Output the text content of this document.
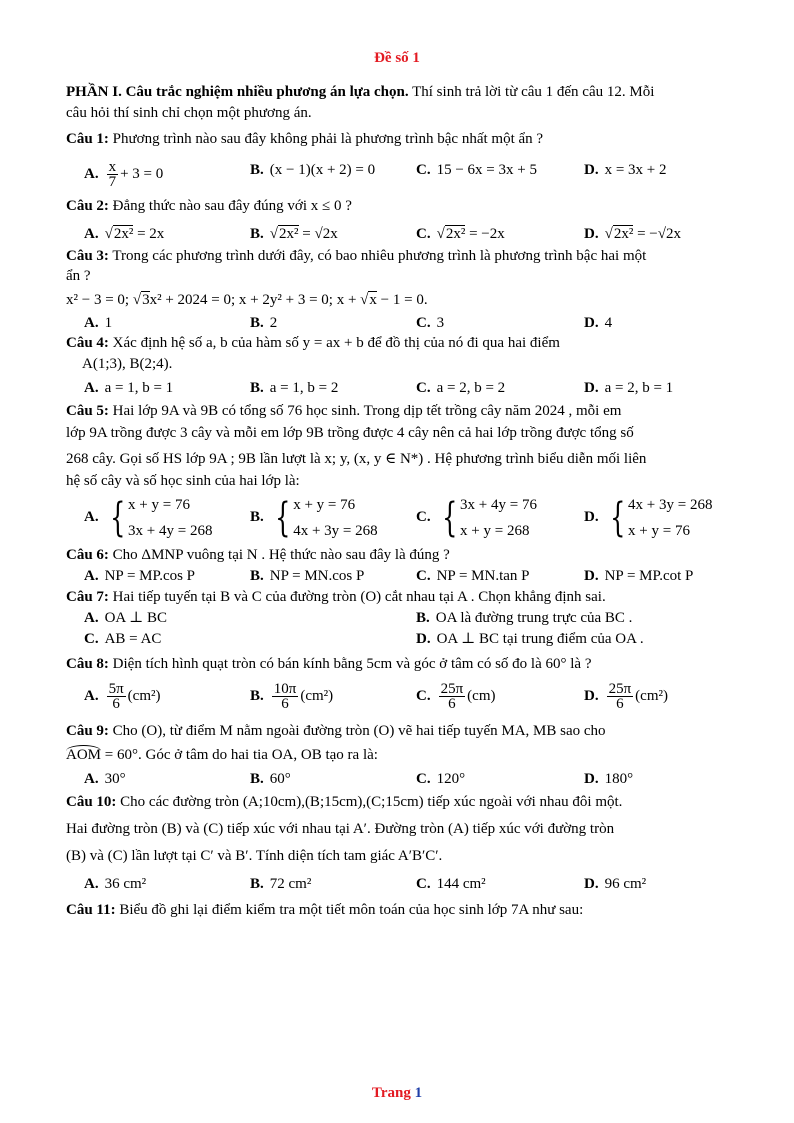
Đề số 1
PHẦN I. Câu trắc nghiệm nhiều phương án lựa chọn. Thí sinh trả lời từ câu 1 đến câu 12. Mỗi
câu hỏi thí sinh chỉ chọn một phương án.
Câu 1: Phương trình nào sau đây không phải là phương trình bậc nhất một ẩn ?
A. $\frac{x}{7} + 3 = 0$	B. (x − 1)(x + 2) = 0	C. 15 − 6x = 3x + 5	D. x = 3x + 2
Câu 2: Đẳng thức nào sau đây đúng với x ≤ 0 ?
A. √2x² = 2x	B. √2x² = √2x	C. √2x² = −2x	D. √2x² = −√2x
Câu 3: Trong các phương trình dưới đây, có bao nhiêu phương trình là phương trình bậc hai một
ẩn ?
x² − 3 = 0; √3x² + 2024 = 0; x + 2y² + 3 = 0; x + √x − 1 = 0.
A. 1	B. 2	C. 3	D. 4
Câu 4: Xác định hệ số a, b của hàm số y = ax + b để đồ thị của nó đi qua hai điểm
A(1;3), B(2;4).
A. a = 1, b = 1	B. a = 1, b = 2	C. a = 2, b = 2	D. a = 2, b = 1
Câu 5: Hai lớp 9A và 9B có tổng số 76 học sinh. Trong dịp tết trồng cây năm 2024 , mỗi em
lớp 9A trồng được 3 cây và mỗi em lớp 9B trồng được 4 cây nên cả hai lớp trồng được tổng số
268 cây. Gọi số HS lớp 9A ; 9B lần lượt là x; y, (x, y ∈ N*) . Hệ phương trình biểu diễn mối liên
hệ số cây và số học sinh của hai lớp là:
A. { x + y = 76
3x + 4y = 268
B. { x + y = 76
4x + 3y = 268
C. { 3x + 4y = 76
x + y = 268
D. { 4x + 3y = 268
x + y = 76
Câu 6: Cho ΔMNP vuông tại N . Hệ thức nào sau đây là đúng ?
A. NP = MP.cos P	B. NP = MN.cos P	C. NP = MN.tan P	D. NP = MP.cot P
Câu 7: Hai tiếp tuyến tại B và C của đường tròn (O) cắt nhau tại A . Chọn khẳng định sai.
A. OA ⊥ BC	B. OA là đường trung trực của BC .
C. AB = AC	D. OA ⊥ BC tại trung điểm của OA .
Câu 8: Diện tích hình quạt tròn có bán kính bằng 5cm và góc ở tâm có số đo là 60° là ?
A. $\frac{5\pi}{6} (cm^2)$	B. $\frac{10\pi}{6} (cm^2)$	C. $\frac{25\pi}{6} (cm)$	D. $\frac{25\pi}{6} (cm^2)$
Câu 9: Cho (O), từ điểm M nằm ngoài đường tròn (O) vẽ hai tiếp tuyến MA, MB sao cho
AOM = 60°. Góc ở tâm do hai tia OA, OB tạo ra là:
A. 30°	B. 60°	C. 120°	D. 180°
Câu 10: Cho các đường tròn (A;10cm),(B;15cm),(C;15cm) tiếp xúc ngoài với nhau đôi một.
Hai đường tròn (B) và (C) tiếp xúc với nhau tại A′. Đường tròn (A) tiếp xúc với đường tròn
(B) và (C) lần lượt tại C′ và B′. Tính diện tích tam giác A′B′C′.
A. 36 cm²	B. 72 cm²	C. 144 cm²	D. 96 cm²
Câu 11: Biểu đồ ghi lại điểm kiểm tra một tiết môn toán của học sinh lớp 7A như sau:
Trang 1
